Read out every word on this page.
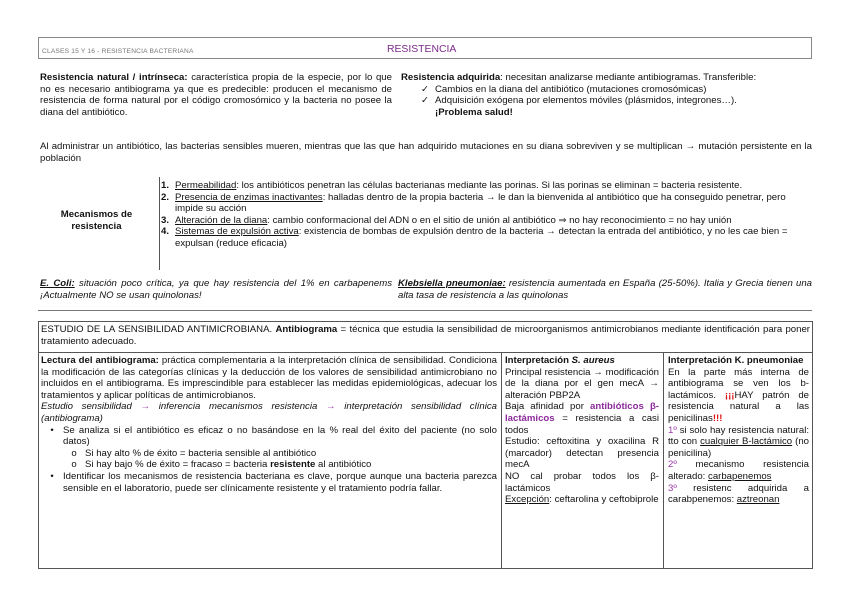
CLASES 15 Y 16 - RESISTENCIA BACTERIANA	RESISTENCIA
Resistencia natural / intrínseca: característica propia de la especie, por lo que no es necesario antibiograma ya que es predecible: producen el mecanismo de resistencia de forma natural por el código cromosómico y la bacteria no posee la diana del antibiótico.
Resistencia adquirida: necesitan analizarse mediante antibiogramas. Transferible:
✓ Cambios en la diana del antibiótico (mutaciones cromosómicas)
✓ Adquisición exógena por elementos móviles (plásmidos, integrones…).
¡Problema salud!
Al administrar un antibiótico, las bacterias sensibles mueren, mientras que las que han adquirido mutaciones en su diana sobreviven y se multiplican → mutación persistente en la población
Mecanismos de resistencia
1. Permeabilidad: los antibióticos penetran las células bacterianas mediante las porinas. Si las porinas se eliminan = bacteria resistente.
2. Presencia de enzimas inactivantes: halladas dentro de la propia bacteria → le dan la bienvenida al antibiótico que ha conseguido penetrar, pero impide su acción
3. Alteración de la diana: cambio conformacional del ADN o en el sitio de unión al antibiótico ⇒ no hay reconocimiento = no hay unión
4. Sistemas de expulsión activa: existencia de bombas de expulsión dentro de la bacteria → detectan la entrada del antibiótico, y no les cae bien = expulsan (reduce eficacia)
E. Coli: situación poco crítica, ya que hay resistencia del 1% en carbapenems ¡Actualmente NO se usan quinolonas!
Klebsiella pneumoniae: resistencia aumentada en España (25-50%). Italia y Grecia tienen una alta tasa de resistencia a las quinolonas
ESTUDIO DE LA SENSIBILIDAD ANTIMICROBIANA. Antibiograma = técnica que estudia la sensibilidad de microorganismos antimicrobianos mediante identificación para poner tratamiento adecuado.
Lectura del antibiograma: práctica complementaria a la interpretación clínica de sensibilidad. Condiciona la modificación de las categorías clínicas y la deducción de los valores de sensibilidad antimicrobiano no incluidos en el antibiograma. Es imprescindible para establecer las medidas epidemiológicas, adecuar los tratamientos y aplicar políticas de antimicrobianos.
Estudio sensibilidad → inferencia mecanismos resistencia → interpretación sensibilidad clínica (antibiograma)
• Se analiza si el antibiótico es eficaz o no basándose en la % real del éxito del paciente (no solo datos)
o Si hay alto % de éxito = bacteria sensible al antibiótico
o Si hay bajo % de éxito = fracaso = bacteria resistente al antibiótico
• Identificar los mecanismos de resistencia bacteriana es clave, porque aunque una bacteria parezca sensible en el laboratorio, puede ser clínicamente resistente y el tratamiento podría fallar.
Interpretación S. aureus
Principal resistencia → modificación de la diana por el gen mecA → alteración PBP2A
Baja afinidad por antibióticos β-lactámicos = resistencia a casi todos
Estudio: ceftoxitina y oxacilina R (marcador) detectan presencia mecA
NO cal probar todos los β-lactámicos
Excepción: ceftarolina y ceftobiprole
Interpretación K. pneumoniae
En la parte más interna de antibiograma se ven los b-lactámicos. ¡¡¡HAY patrón de resistencia natural a las penicilinas!!!
1º si solo hay resistencia natural: tto con cualquier B-lactámico (no penicilina)
2º mecanismo resistencia alterado: carbapenemos
3º resistenc adquirida a carabpenemos: aztreonan
